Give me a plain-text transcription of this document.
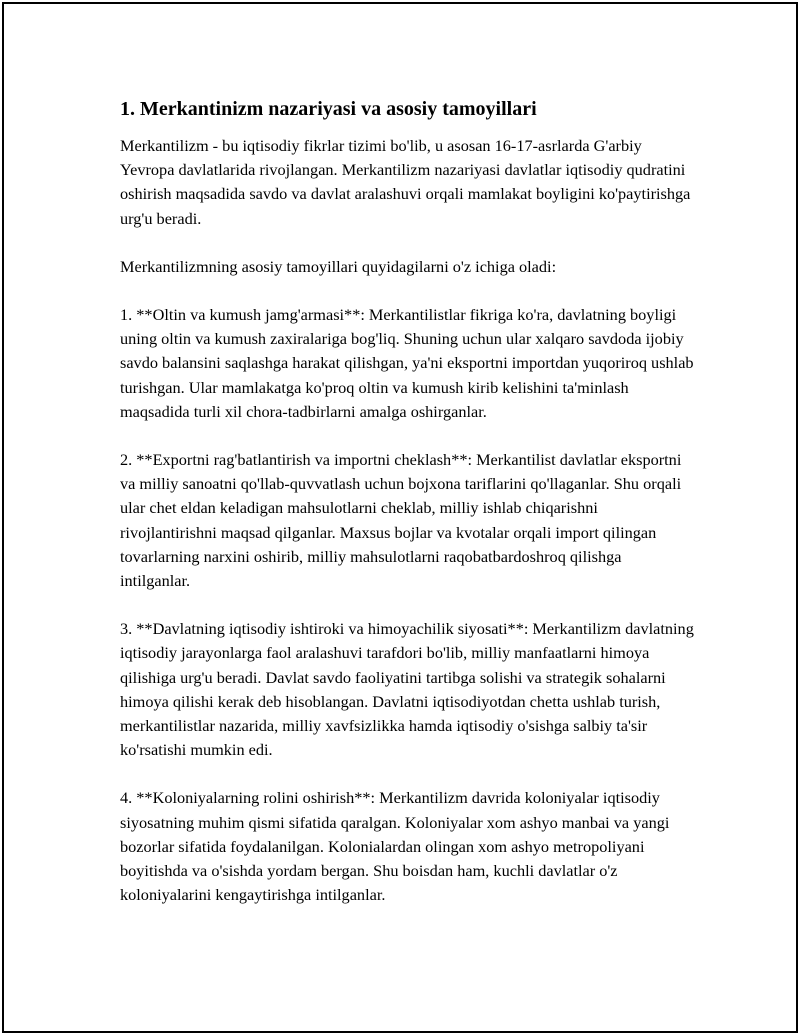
1. Merkantinizm nazariyasi va asosiy tamoyillari

Merkantilizm - bu iqtisodiy fikrlar tizimi bo'lib, u asosan 16-17-asrlarda G'arbiy Yevropa davlatlarida rivojlangan. Merkantilizm nazariyasi davlatlar iqtisodiy qudratini oshirish maqsadida savdo va davlat aralashuvi orqali mamlakat boyligini ko'paytirishga urg'u beradi.

Merkantilizmning asosiy tamoyillari quyidagilarni o'z ichiga oladi:

1. **Oltin va kumush jamg'armasi**: Merkantilistlar fikriga ko'ra, davlatning boyligi uning oltin va kumush zaxiralariga bog'liq. Shuning uchun ular xalqaro savdoda ijobiy savdo balansini saqlashga harakat qilishgan, ya'ni eksportni importdan yuqoriroq ushlab turishgan. Ular mamlakatga ko'proq oltin va kumush kirib kelishini ta'minlash maqsadida turli xil chora-tadbirlarni amalga oshirganlar.

2. **Exportni rag'batlantirish va importni cheklash**: Merkantilist davlatlar eksportni va milliy sanoatni qo'llab-quvvatlash uchun bojxona tariflarini qo'llaganlar. Shu orqali ular chet eldan keladigan mahsulotlarni cheklab, milliy ishlab chiqarishni rivojlantirishni maqsad qilganlar. Maxsus bojlar va kvotalar orqali import qilingan tovarlarning narxini oshirib, milliy mahsulotlarni raqobatbardoshroq qilishga intilganlar.

3. **Davlatning iqtisodiy ishtiroki va himoyachilik siyosati**: Merkantilizm davlatning iqtisodiy jarayonlarga faol aralashuvi tarafdori bo'lib, milliy manfaatlarni himoya qilishiga urg'u beradi. Davlat savdo faoliyatini tartibga solishi va strategik sohalarni himoya qilishi kerak deb hisoblangan. Davlatni iqtisodiyotdan chetta ushlab turish, merkantilistlar nazarida, milliy xavfsizlikka hamda iqtisodiy o'sishga salbiy ta'sir ko'rsatishi mumkin edi.

4. **Koloniyalarning rolini oshirish**: Merkantilizm davrida koloniyalar iqtisodiy siyosatning muhim qismi sifatida qaralgan. Koloniyalar xom ashyo manbai va yangi bozorlar sifatida foydalanilgan. Kolonialardan olingan xom ashyo metropoliyani boyitishda va o'sishda yordam bergan. Shu boisdan ham, kuchli davlatlar o'z koloniyalarini kengaytirishga intilganlar.
